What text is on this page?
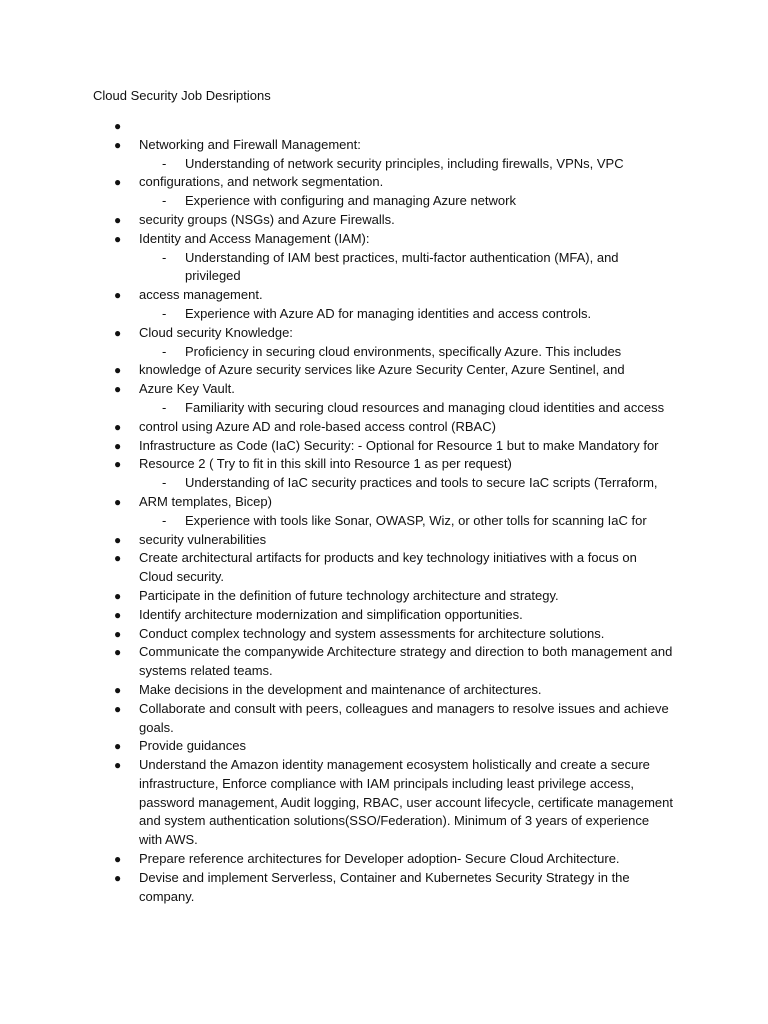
Cloud Security Job Desriptions
●
● Networking and Firewall Management:
- Understanding of network security principles, including firewalls, VPNs, VPC
● configurations, and network segmentation.
- Experience with configuring and managing Azure network
● security groups (NSGs) and Azure Firewalls.
● Identity and Access Management (IAM):
- Understanding of IAM best practices, multi-factor authentication (MFA), and privileged
● access management.
- Experience with Azure AD for managing identities and access controls.
● Cloud security Knowledge:
- Proficiency in securing cloud environments, specifically Azure. This includes
● knowledge of Azure security services like Azure Security Center, Azure Sentinel, and
● Azure Key Vault.
- Familiarity with securing cloud resources and managing cloud identities and access
● control using Azure AD and role-based access control (RBAC)
● Infrastructure as Code (IaC) Security: - Optional for Resource 1 but to make Mandatory for
● Resource 2 ( Try to fit in this skill into Resource 1 as per request)
- Understanding of IaC security practices and tools to secure IaC scripts (Terraform,
● ARM templates, Bicep)
- Experience with tools like Sonar, OWASP, Wiz, or other tolls for scanning IaC for
● security vulnerabilities
● Create architectural artifacts for products and key technology initiatives with a focus on Cloud security.
● Participate in the definition of future technology architecture and strategy.
● Identify architecture modernization and simplification opportunities.
● Conduct complex technology and system assessments for architecture solutions.
● Communicate the companywide Architecture strategy and direction to both management and systems related teams.
● Make decisions in the development and maintenance of architectures.
● Collaborate and consult with peers, colleagues and managers to resolve issues and achieve goals.
● Provide guidances
● Understand the Amazon identity management ecosystem holistically and create a secure infrastructure, Enforce compliance with IAM principals including least privilege access, password management, Audit logging, RBAC, user account lifecycle, certificate management and system authentication solutions(SSO/Federation). Minimum of 3 years of experience with AWS.
● Prepare reference architectures for Developer adoption- Secure Cloud Architecture.
● Devise and implement Serverless, Container and Kubernetes Security Strategy in the company.
